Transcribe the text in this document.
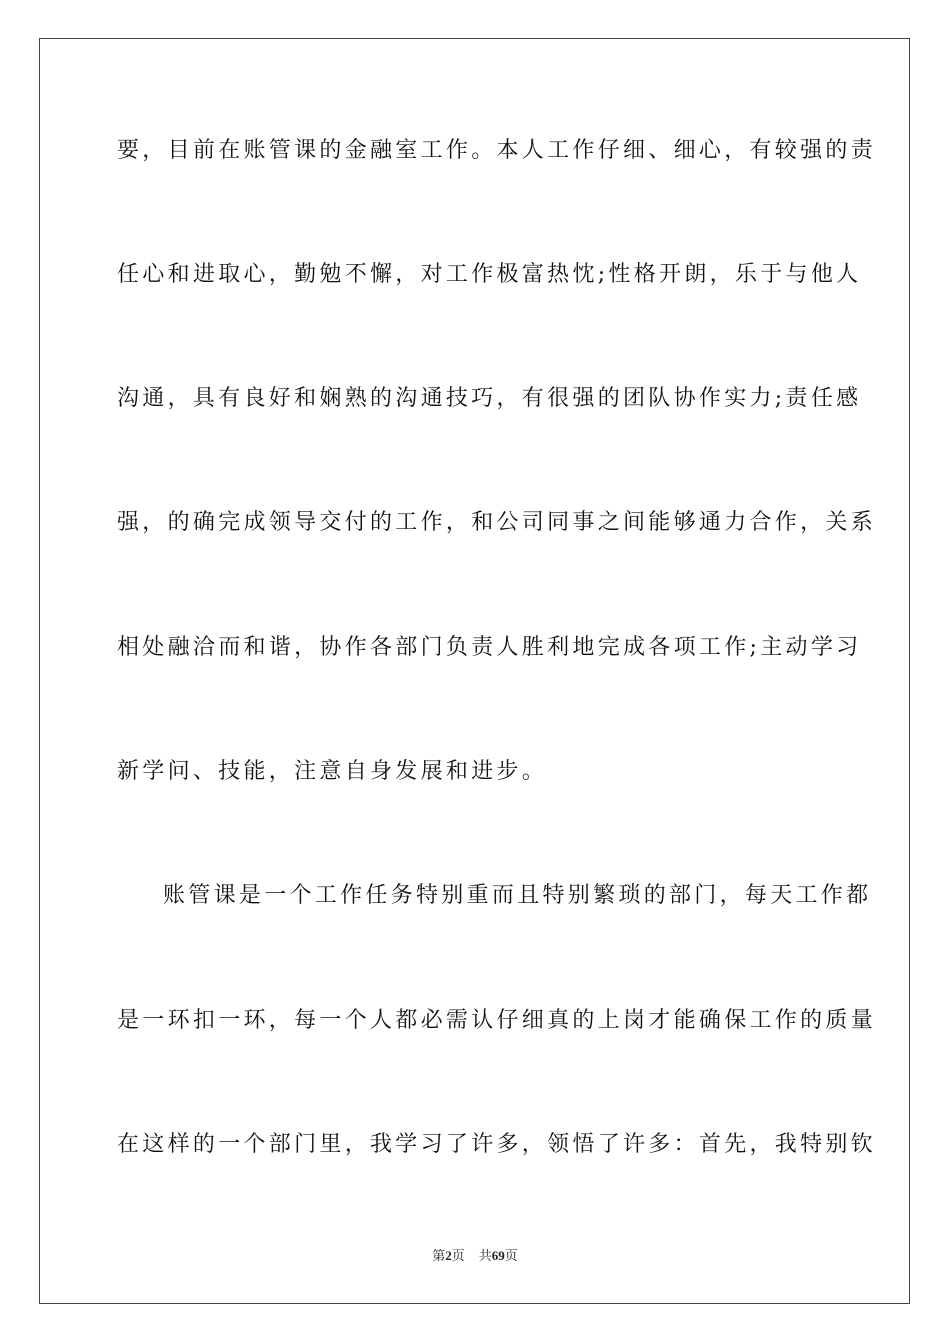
要，目前在账管课的金融室工作。本人工作仔细、细心，有较强的责
任心和进取心，勤勉不懈，对工作极富热忱;性格开朗，乐于与他人
沟通，具有良好和娴熟的沟通技巧，有很强的团队协作实力;责任感
强，的确完成领导交付的工作，和公司同事之间能够通力合作，关系
相处融洽而和谐，协作各部门负责人胜利地完成各项工作;主动学习
新学问、技能，注意自身发展和进步。
账管课是一个工作任务特别重而且特别繁琐的部门，每天工作都
是一环扣一环，每一个人都必需认仔细真的上岗才能确保工作的质量
在这样的一个部门里，我学习了许多，领悟了许多：首先，我特别钦
第2页 共69页
